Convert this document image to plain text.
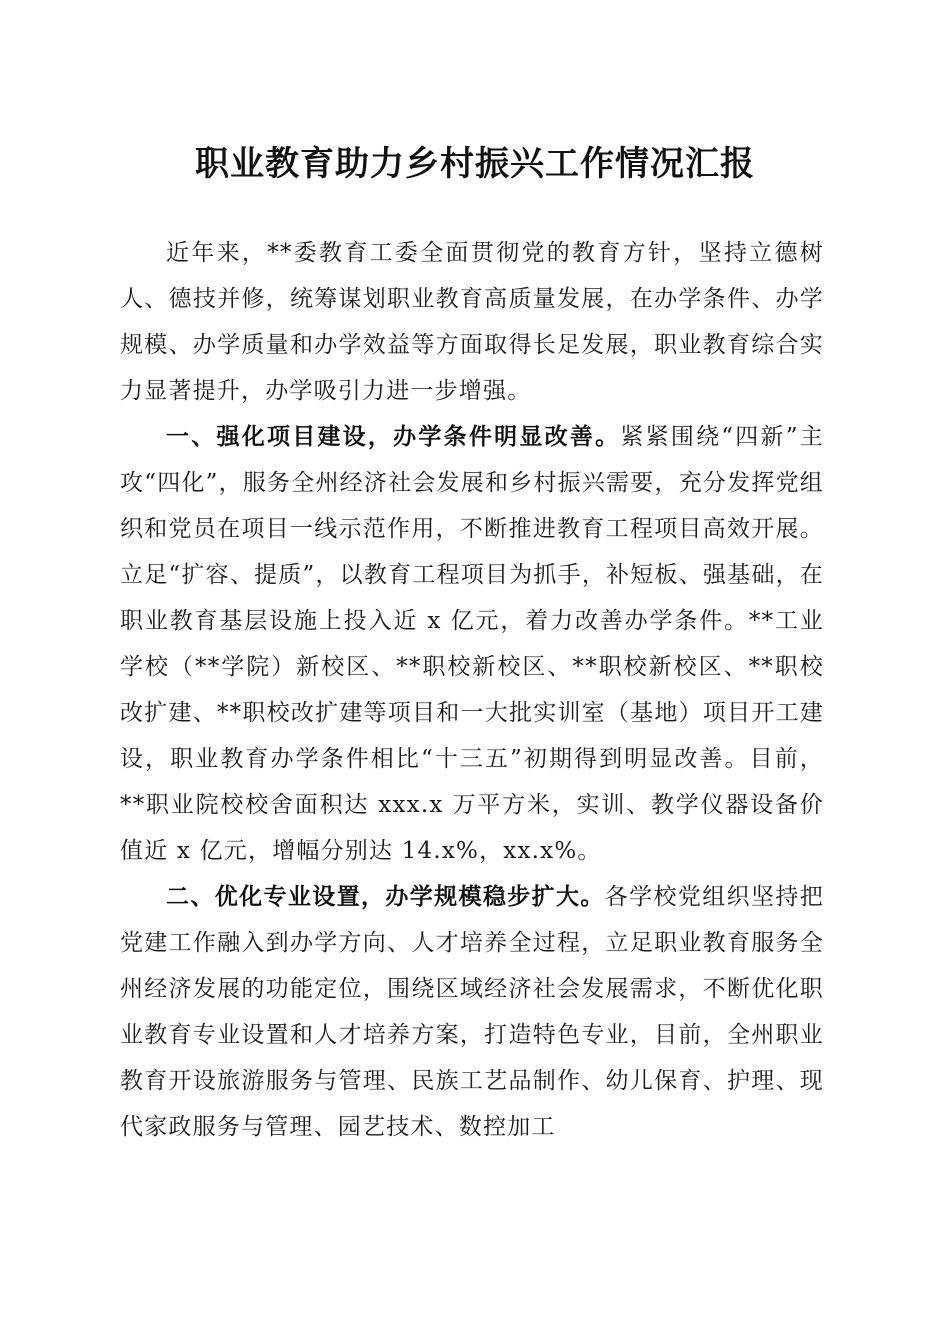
职业教育助力乡村振兴工作情况汇报

近年来，**委教育工委全面贯彻党的教育方针，坚持立德树人、德技并修，统筹谋划职业教育高质量发展，在办学条件、办学规模、办学质量和办学效益等方面取得长足发展，职业教育综合实力显著提升，办学吸引力进一步增强。

一、强化项目建设，办学条件明显改善。紧紧围绕“四新”主攻“四化”，服务全州经济社会发展和乡村振兴需要，充分发挥党组织和党员在项目一线示范作用，不断推进教育工程项目高效开展。立足“扩容、提质”，以教育工程项目为抓手，补短板、强基础，在职业教育基层设施上投入近 x 亿元，着力改善办学条件。**工业学校（**学院）新校区、**职校新校区、**职校新校区、**职校改扩建、**职校改扩建等项目和一大批实训室（基地）项目开工建设，职业教育办学条件相比“十三五”初期得到明显改善。目前，**职业院校校舍面积达 xxx.x 万平方米，实训、教学仪器设备价值近 x 亿元，增幅分别达 14.x%，xx.x%。

二、优化专业设置，办学规模稳步扩大。各学校党组织坚持把党建工作融入到办学方向、人才培养全过程，立足职业教育服务全州经济发展的功能定位，围绕区域经济社会发展需求，不断优化职业教育专业设置和人才培养方案，打造特色专业，目前，全州职业教育开设旅游服务与管理、民族工艺品制作、幼儿保育、护理、现代家政服务与管理、园艺技术、数控加工
